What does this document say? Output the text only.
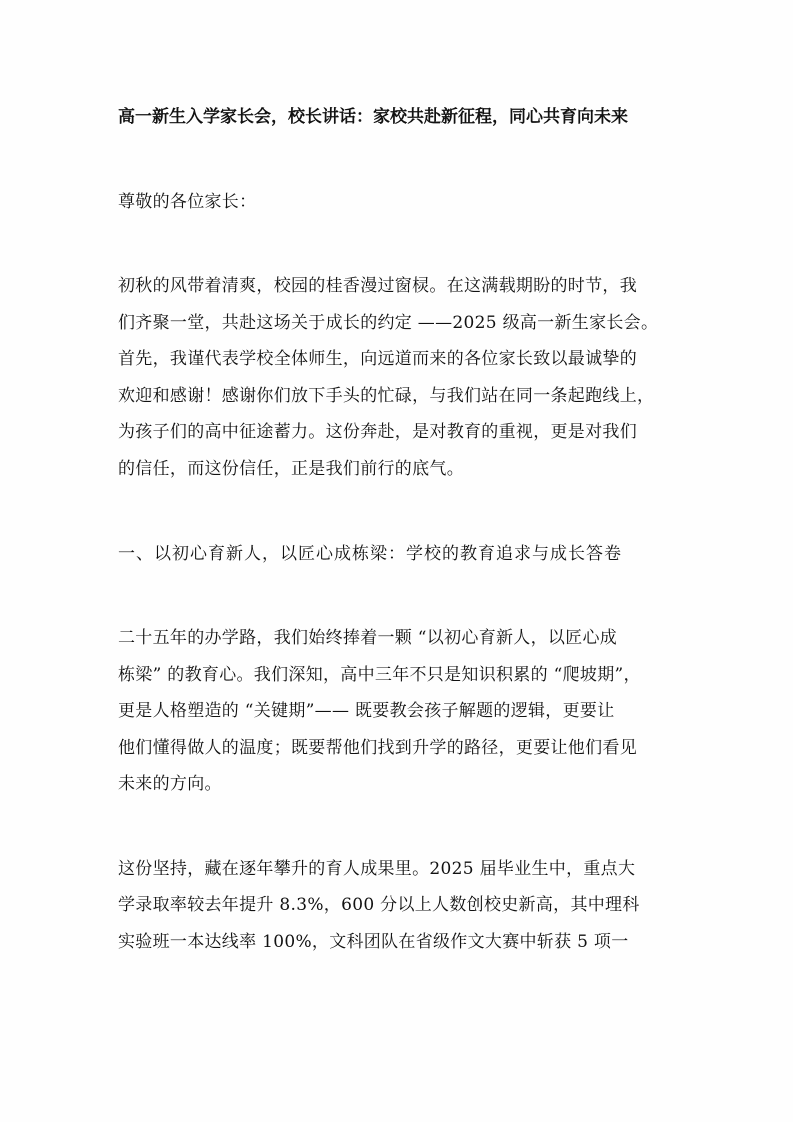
高一新生入学家长会，校长讲话：家校共赴新征程，同心共育向未来
尊敬的各位家长：
初秋的风带着清爽，校园的桂香漫过窗棂。在这满载期盼的时节，我
们齐聚一堂，共赴这场关于成长的约定 ——2025 级高一新生家长会。
首先，我谨代表学校全体师生，向远道而来的各位家长致以最诚挚的
欢迎和感谢！感谢你们放下手头的忙碌，与我们站在同一条起跑线上，
为孩子们的高中征途蓄力。这份奔赴，是对教育的重视，更是对我们
的信任，而这份信任，正是我们前行的底气。
一、以初心育新人，以匠心成栋梁：学校的教育追求与成长答卷
二十五年的办学路，我们始终捧着一颗 “以初心育新人，以匠心成
栋梁” 的教育心。我们深知，高中三年不只是知识积累的 “爬坡期”，
更是人格塑造的 “关键期”—— 既要教会孩子解题的逻辑，更要让
他们懂得做人的温度；既要帮他们找到升学的路径，更要让他们看见
未来的方向。
这份坚持，藏在逐年攀升的育人成果里。2025 届毕业生中，重点大
学录取率较去年提升 8.3%，600 分以上人数创校史新高，其中理科
实验班一本达线率 100%，文科团队在省级作文大赛中斩获 5 项一
